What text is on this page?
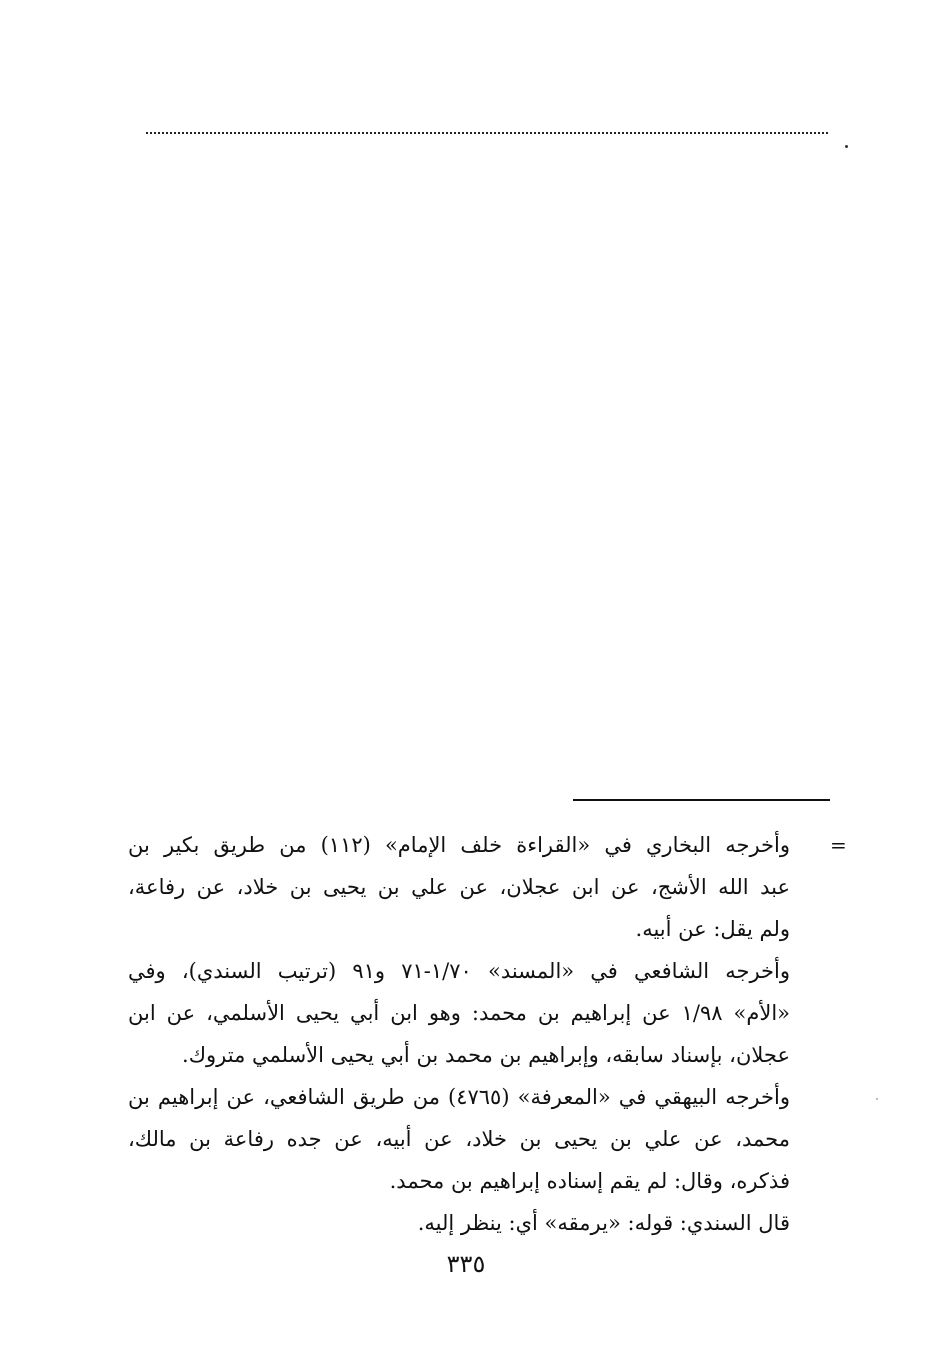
=

وأخرجه البخاري في «القراءة خلف الإمام» (١١٢) من طريق بكير بن
عبد الله الأشج، عن ابن عجلان، عن علي بن يحيى بن خلاد، عن رفاعة،
ولم يقل: عن أبيه.

وأخرجه الشافعي في «المسند» ١/٧٠-٧١ و٩١ (ترتيب السندي)، وفي
«الأم» ١/٩٨ عن إبراهيم بن محمد: وهو ابن أبي يحيى الأسلمي، عن ابن
عجلان، بإسناد سابقه، وإبراهيم بن محمد بن أبي يحيى الأسلمي متروك.

وأخرجه البيهقي في «المعرفة» (٤٧٦٥) من طريق الشافعي، عن إبراهيم بن
محمد، عن علي بن يحيى بن خلاد، عن أبيه، عن جده رفاعة بن مالك،
فذكره، وقال: لم يقم إسناده إبراهيم بن محمد.

قال السندي: قوله: «يرمقه» أي: ينظر إليه.

٣٣٥
